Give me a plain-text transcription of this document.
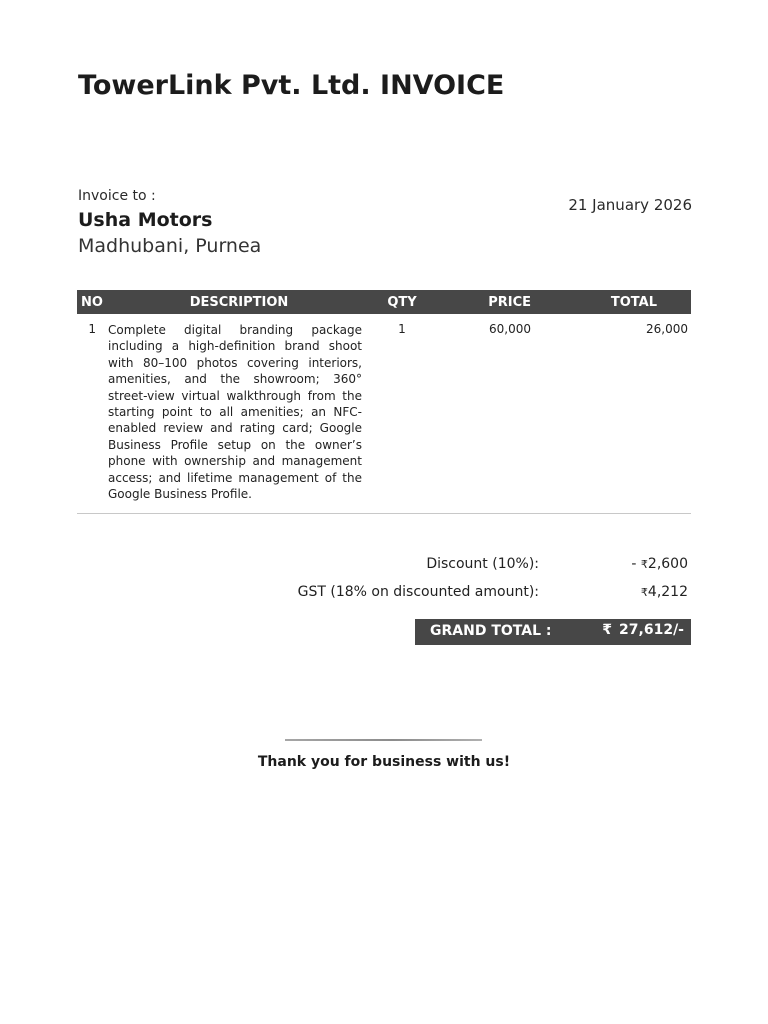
TowerLink Pvt. Ltd. INVOICE
Invoice to :
Usha Motors
Madhubani, Purnea
21 January 2026
NO	DESCRIPTION	QTY	PRICE	TOTAL
1	Complete digital branding package including a high-definition brand shoot with 80–100 photos covering interiors, amenities, and the showroom; 360° street-view virtual walkthrough from the starting point to all amenities; an NFC-enabled review and rating card; Google Business Profile setup on the owner’s phone with ownership and management access; and lifetime management of the Google Business Profile.	1	60,000	26,000
Discount (10%):	- ₹2,600
GST (18% on discounted amount):	₹4,212
GRAND TOTAL :	₹ 27,612/-
Thank you for business with us!
